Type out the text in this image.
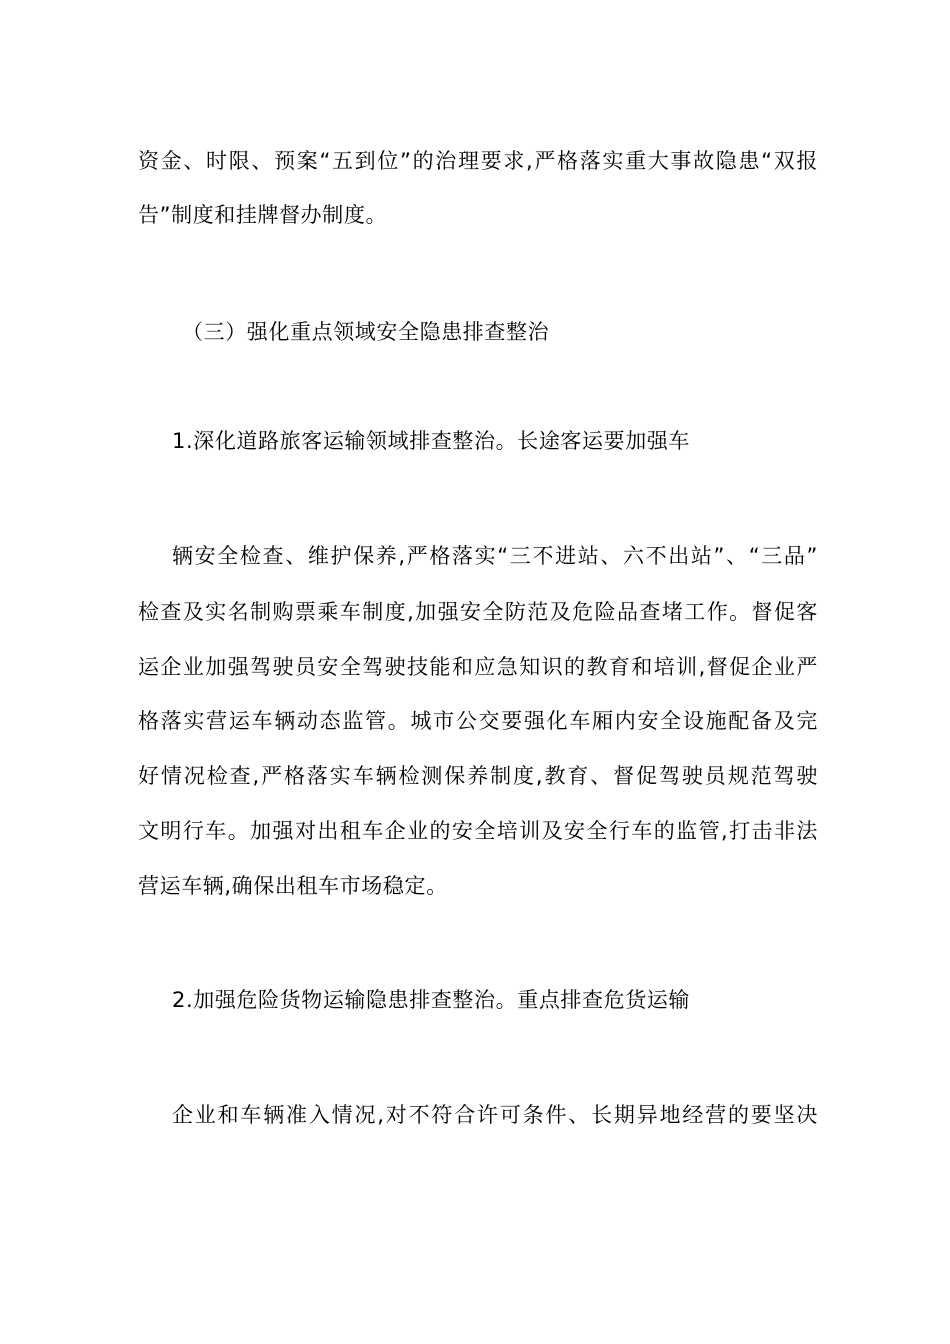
资金、时限、预案“五到位”的治理要求,严格落实重大事故隐患“双报
告”制度和挂牌督办制度。
（三）强化重点领域安全隐患排查整治
1.深化道路旅客运输领域排查整治。长途客运要加强车
辆安全检查、维护保养,严格落实“三不进站、六不出站”、“三品”
检查及实名制购票乘车制度,加强安全防范及危险品查堵工作。督促客
运企业加强驾驶员安全驾驶技能和应急知识的教育和培训,督促企业严
格落实营运车辆动态监管。城市公交要强化车厢内安全设施配备及完
好情况检查,严格落实车辆检测保养制度,教育、督促驾驶员规范驾驶
文明行车。加强对出租车企业的安全培训及安全行车的监管,打击非法
营运车辆,确保出租车市场稳定。
2.加强危险货物运输隐患排查整治。重点排查危货运输
企业和车辆准入情况,对不符合许可条件、长期异地经营的要坚决
